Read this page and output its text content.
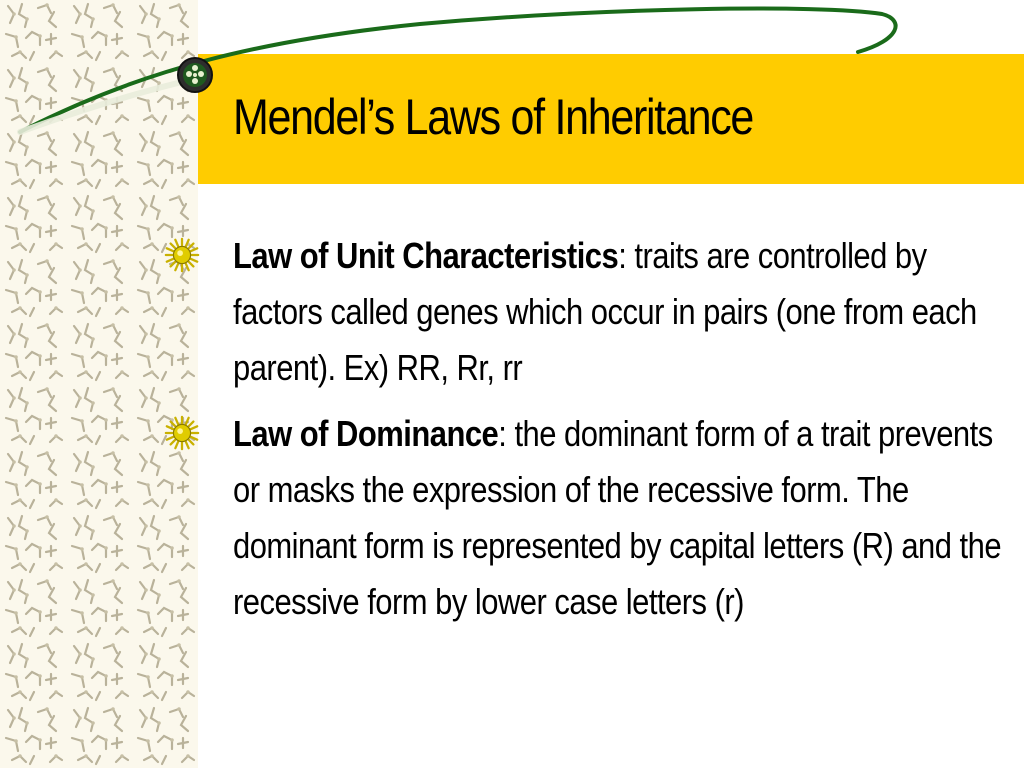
Mendel’s Laws of Inheritance
Law of Unit Characteristics: traits are controlled by factors called genes which occur in pairs (one from each parent). Ex) RR, Rr, rr
Law of Dominance: the dominant form of a trait prevents or masks the expression of the recessive form. The dominant form is represented by capital letters (R) and the recessive form by lower case letters (r)
